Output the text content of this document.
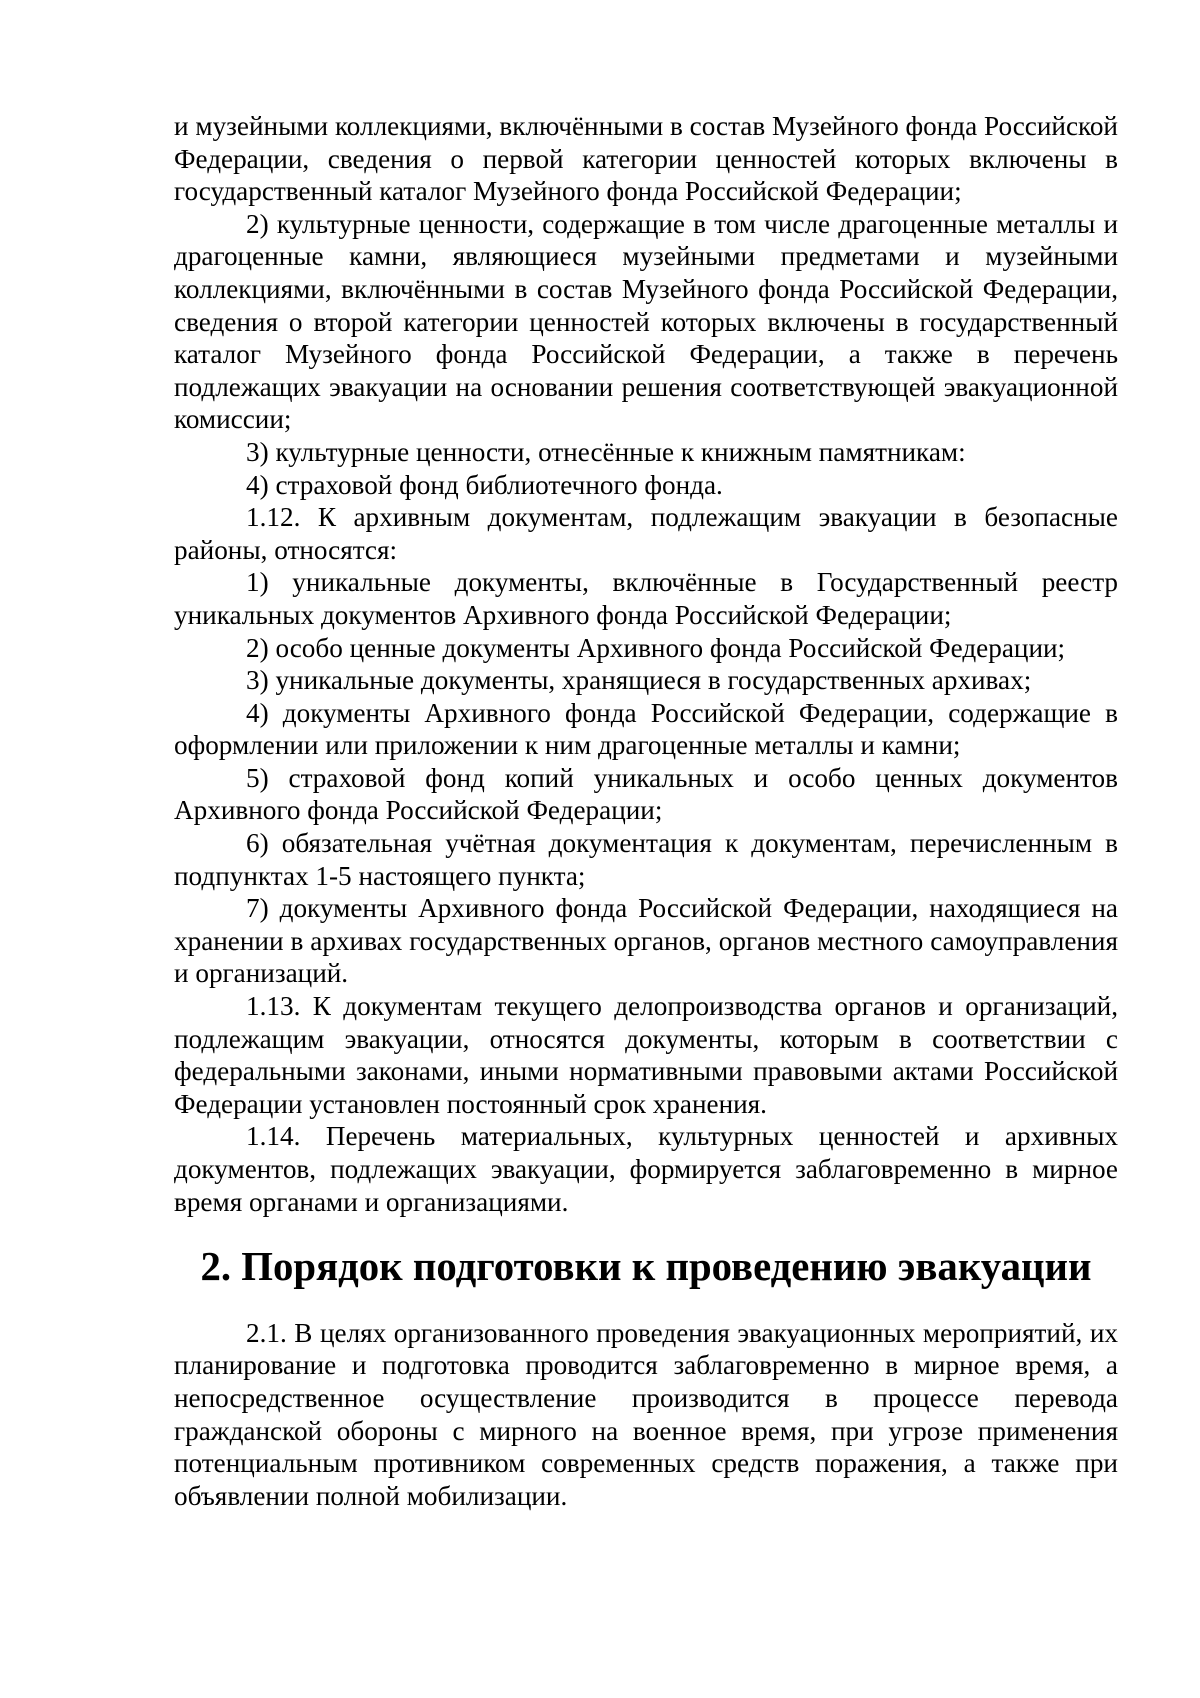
и музейными коллекциями, включёнными в состав Музейного фонда Российской Федерации, сведения о первой категории ценностей которых включены в государственный каталог Музейного фонда Российской Федерации;

2) культурные ценности, содержащие в том числе драгоценные металлы и драгоценные камни, являющиеся музейными предметами и музейными коллекциями, включёнными в состав Музейного фонда Российской Федерации, сведения о второй категории ценностей которых включены в государственный каталог Музейного фонда Российской Федерации, а также в перечень подлежащих эвакуации на основании решения соответствующей эвакуационной комиссии;

3) культурные ценности, отнесённые к книжным памятникам:

4) страховой фонд библиотечного фонда.

1.12. К архивным документам, подлежащим эвакуации в безопасные районы, относятся:

1) уникальные документы, включённые в Государственный реестр уникальных документов Архивного фонда Российской Федерации;

2) особо ценные документы Архивного фонда Российской Федерации;

3) уникальные документы, хранящиеся в государственных архивах;

4) документы Архивного фонда Российской Федерации, содержащие в оформлении или приложении к ним драгоценные металлы и камни;

5) страховой фонд копий уникальных и особо ценных документов Архивного фонда Российской Федерации;

6) обязательная учётная документация к документам, перечисленным в подпунктах 1-5 настоящего пункта;

7) документы Архивного фонда Российской Федерации, находящиеся на хранении в архивах государственных органов, органов местного самоуправления и организаций.

1.13. К документам текущего делопроизводства органов и организаций, подлежащим эвакуации, относятся документы, которым в соответствии с федеральными законами, иными нормативными правовыми актами Российской Федерации установлен постоянный срок хранения.

1.14. Перечень материальных, культурных ценностей и архивных документов, подлежащих эвакуации, формируется заблаговременно в мирное время органами и организациями.

2. Порядок подготовки к проведению эвакуации

2.1. В целях организованного проведения эвакуационных мероприятий, их планирование и подготовка проводится заблаговременно в мирное время, а непосредственное осуществление производится в процессе перевода гражданской обороны с мирного на военное время, при угрозе применения потенциальным противником современных средств поражения, а также при объявлении полной мобилизации.
